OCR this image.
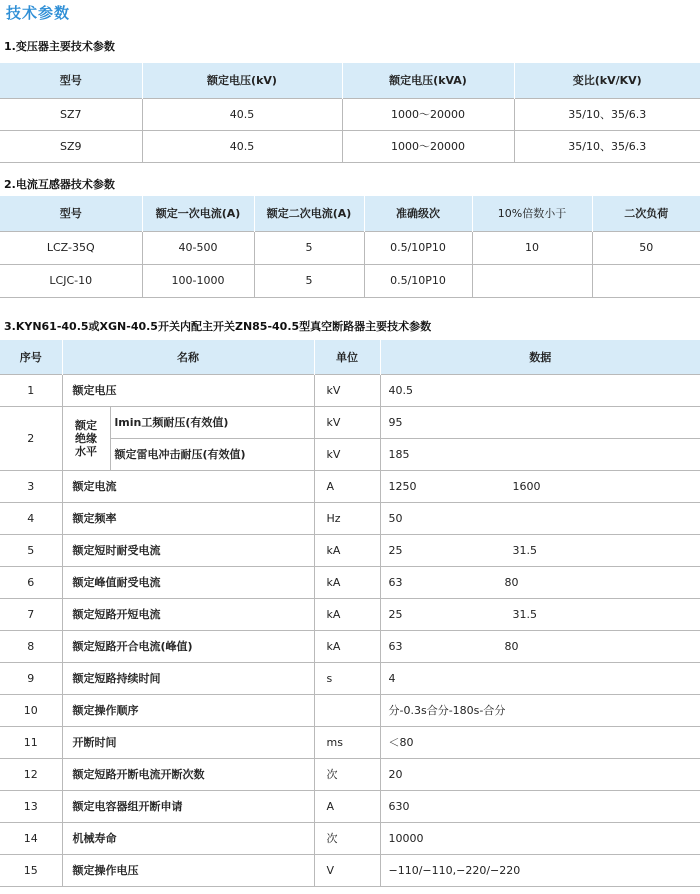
技术参数
1.变压器主要技术参数
型号	额定电压(kV)	额定电压(kVA)	变比(kV/KV)
SZ7	40.5	1000～20000	35/10、35/6.3
SZ9	40.5	1000～20000	35/10、35/6.3
2.电流互感器技术参数
型号	额定一次电流(A)	额定二次电流(A)	准确级次	10%倍数小于	二次负荷
LCZ-35Q	40-500	5	0.5/10P10	10	50
LCJC-10	100-1000	5	0.5/10P10		
3.KYN61-40.5或XGN-40.5开关内配主开关ZN85-40.5型真空断路器主要技术参数
序号	名称		单位	数据
1	额定电压		kV	40.5
2	额定绝缘水平	lmin工频耐压(有效值)	kV	95
		额定雷电冲击耐压(有效值)	kV	185
3	额定电流		A	1250 1600

4	额定频率		Hz	50
5	额定短时耐受电流		kA	25 31.5

6	额定峰值耐受电流		kA	63 80

7	额定短路开短电流		kA	25 31.5

8	额定短路开合电流(峰值)		kA	63 80

9	额定短路持续时间		s	4
10	额定操作顺序			分-0.3s合分-180s-合分
11	开断时间		ms	＜80
12	额定短路开断电流开断次数		次	20
13	额定电容器组开断申请		A	630
14	机械寿命		次	10000
15	额定操作电压		V	−110/−110,−220/−220
